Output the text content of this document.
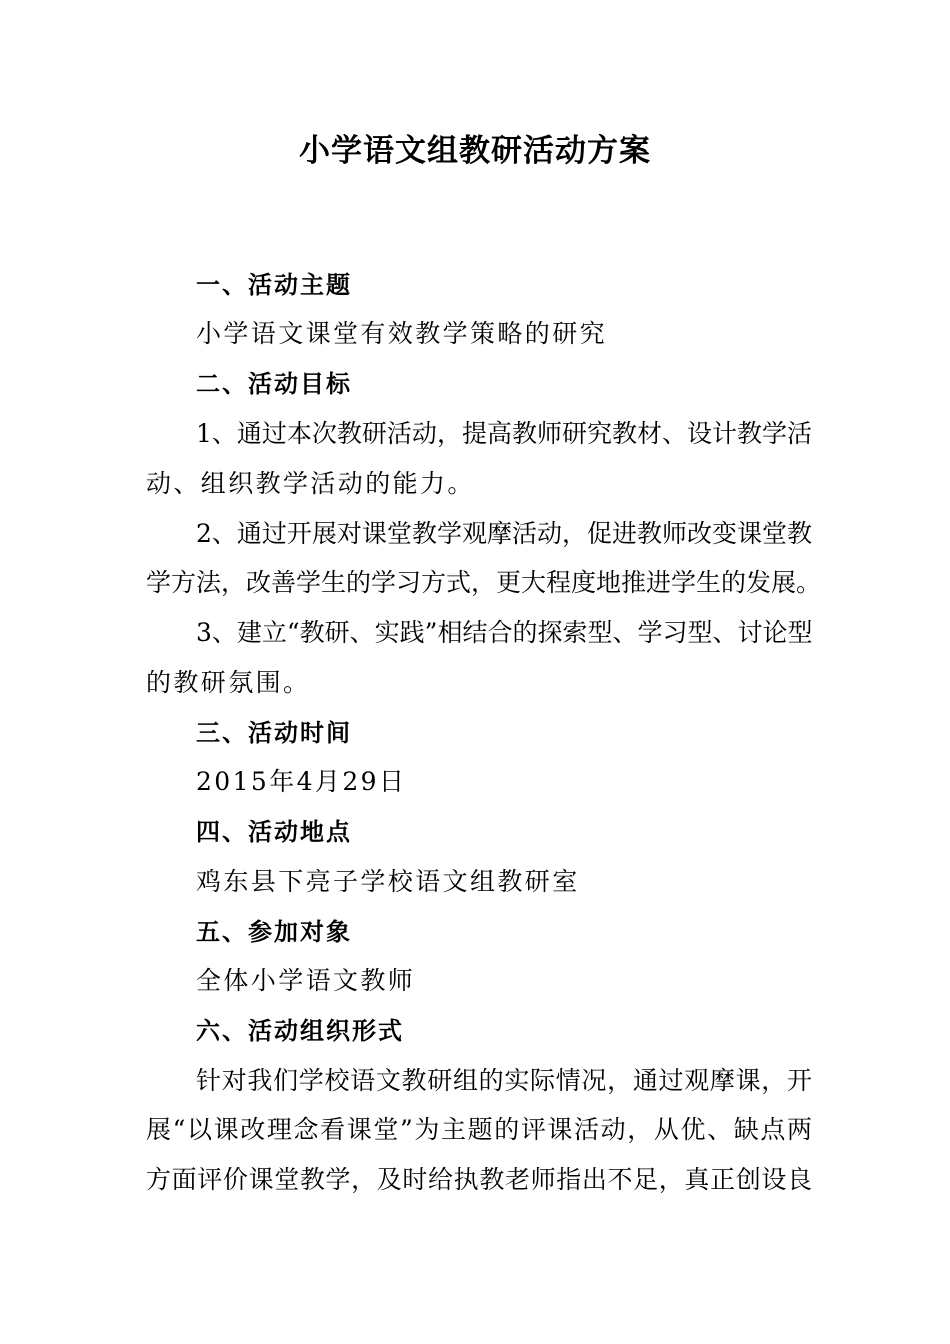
小学语文组教研活动方案
一、活动主题
小学语文课堂有效教学策略的研究
二、活动目标
1、通过本次教研活动，提高教师研究教材、设计教学活
动、组织教学活动的能力。
2、通过开展对课堂教学观摩活动，促进教师改变课堂教
学方法，改善学生的学习方式，更大程度地推进学生的发展。
3、建立“教研、实践”相结合的探索型、学习型、讨论型
的教研氛围。
三、活动时间
2015年4月29日
四、活动地点
鸡东县下亮子学校语文组教研室
五、参加对象
全体小学语文教师
六、活动组织形式
针对我们学校语文教研组的实际情况，通过观摩课，开
展“以课改理念看课堂”为主题的评课活动，从优、缺点两
方面评价课堂教学，及时给执教老师指出不足，真正创设良
